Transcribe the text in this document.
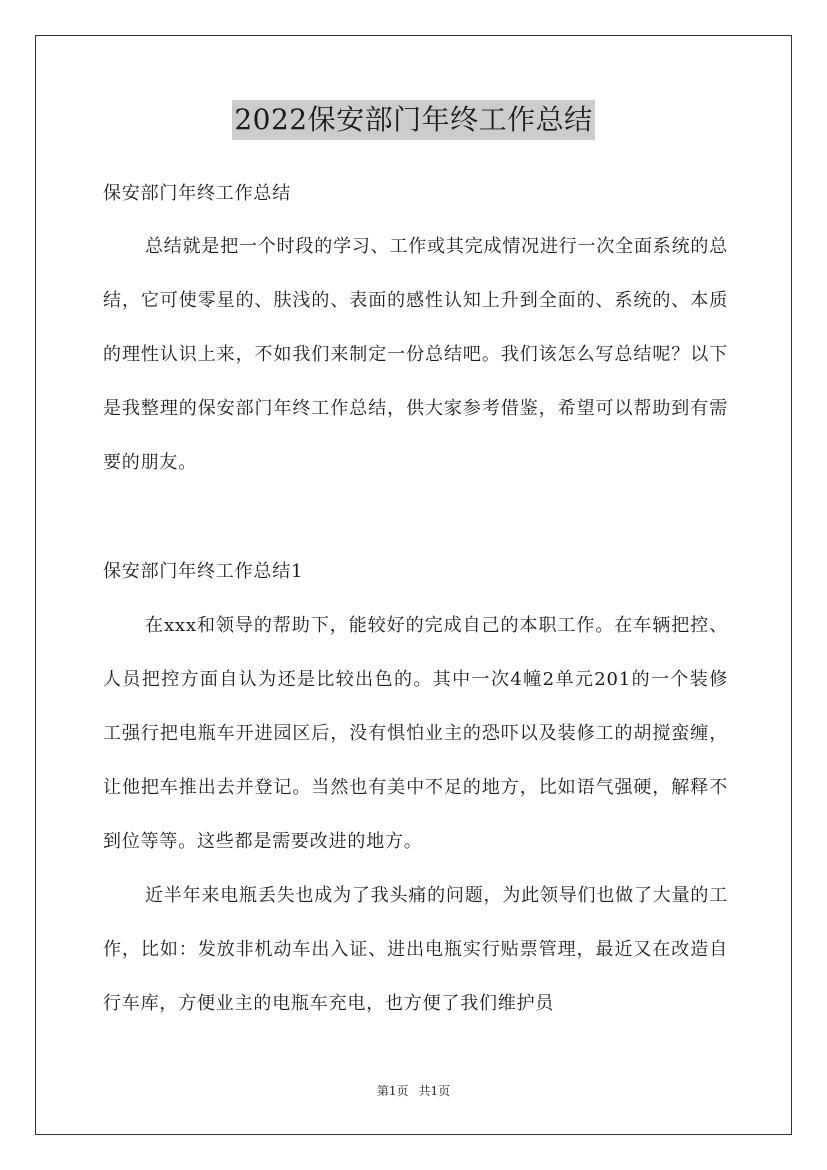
2022保安部门年终工作总结
保安部门年终工作总结

总结就是把一个时段的学习、工作或其完成情况进行一次全面系统的总结，它可使零星的、肤浅的、表面的感性认知上升到全面的、系统的、本质的理性认识上来，不如我们来制定一份总结吧。我们该怎么写总结呢？以下是我整理的保安部门年终工作总结，供大家参考借鉴，希望可以帮助到有需要的朋友。

保安部门年终工作总结1

在xxx和领导的帮助下，能较好的完成自己的本职工作。在车辆把控、人员把控方面自认为还是比较出色的。其中一次4幢2单元201的一个装修工强行把电瓶车开进园区后，没有惧怕业主的恐吓以及装修工的胡搅蛮缠，让他把车推出去并登记。当然也有美中不足的地方，比如语气强硬，解释不到位等等。这些都是需要改进的地方。

近半年来电瓶丢失也成为了我头痛的问题，为此领导们也做了大量的工作，比如：发放非机动车出入证、进出电瓶实行贴票管理，最近又在改造自行车库，方便业主的电瓶车充电，也方便了我们维护员

第1页 共1页
